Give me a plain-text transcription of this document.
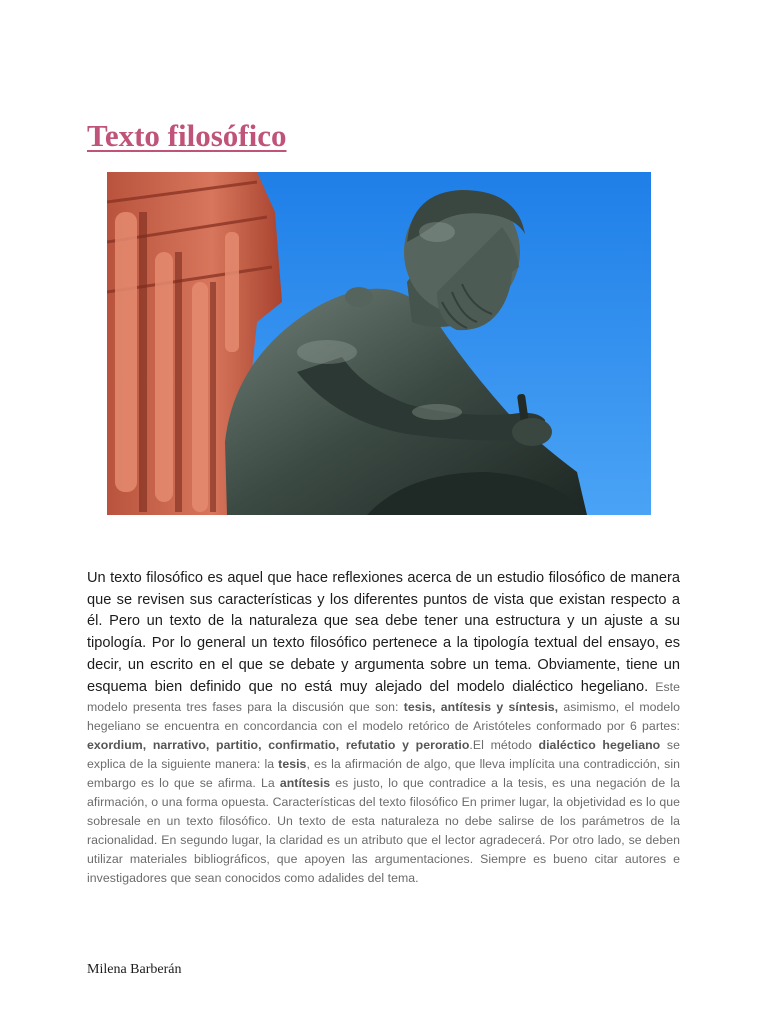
Texto filosófico

Un texto filosófico es aquel que hace reflexiones acerca de un estudio filosófico de manera que se revisen sus características y los diferentes puntos de vista que existan respecto a él. Pero un texto de la naturaleza que sea debe tener una estructura y un ajuste a su tipología. Por lo general un texto filosófico pertenece a la tipología textual del ensayo, es decir, un escrito en el que se debate y argumenta sobre un tema. Obviamente, tiene un esquema bien definido que no está muy alejado del modelo dialéctico hegeliano. Este modelo presenta tres fases para la discusión que son: tesis, antítesis y síntesis, asimismo, el modelo hegeliano se encuentra en concordancia con el modelo retórico de Aristóteles conformado por 6 partes: exordium, narrativo, partitio, confirmatio, refutatio y peroratio.El método dialéctico hegeliano se explica de la siguiente manera: la tesis, es la afirmación de algo, que lleva implícita una contradicción, sin embargo es lo que se afirma. La antítesis es justo, lo que contradice a la tesis, es una negación de la afirmación, o una forma opuesta. Características del texto filosófico En primer lugar, la objetividad es lo que sobresale en un texto filosófico. Un texto de esta naturaleza no debe salirse de los parámetros de la racionalidad. En segundo lugar, la claridad es un atributo que el lector agradecerá. Por otro lado, se deben utilizar materiales bibliográficos, que apoyen las argumentaciones. Siempre es bueno citar autores e investigadores que sean conocidos como adalides del tema.

Milena Barberán
